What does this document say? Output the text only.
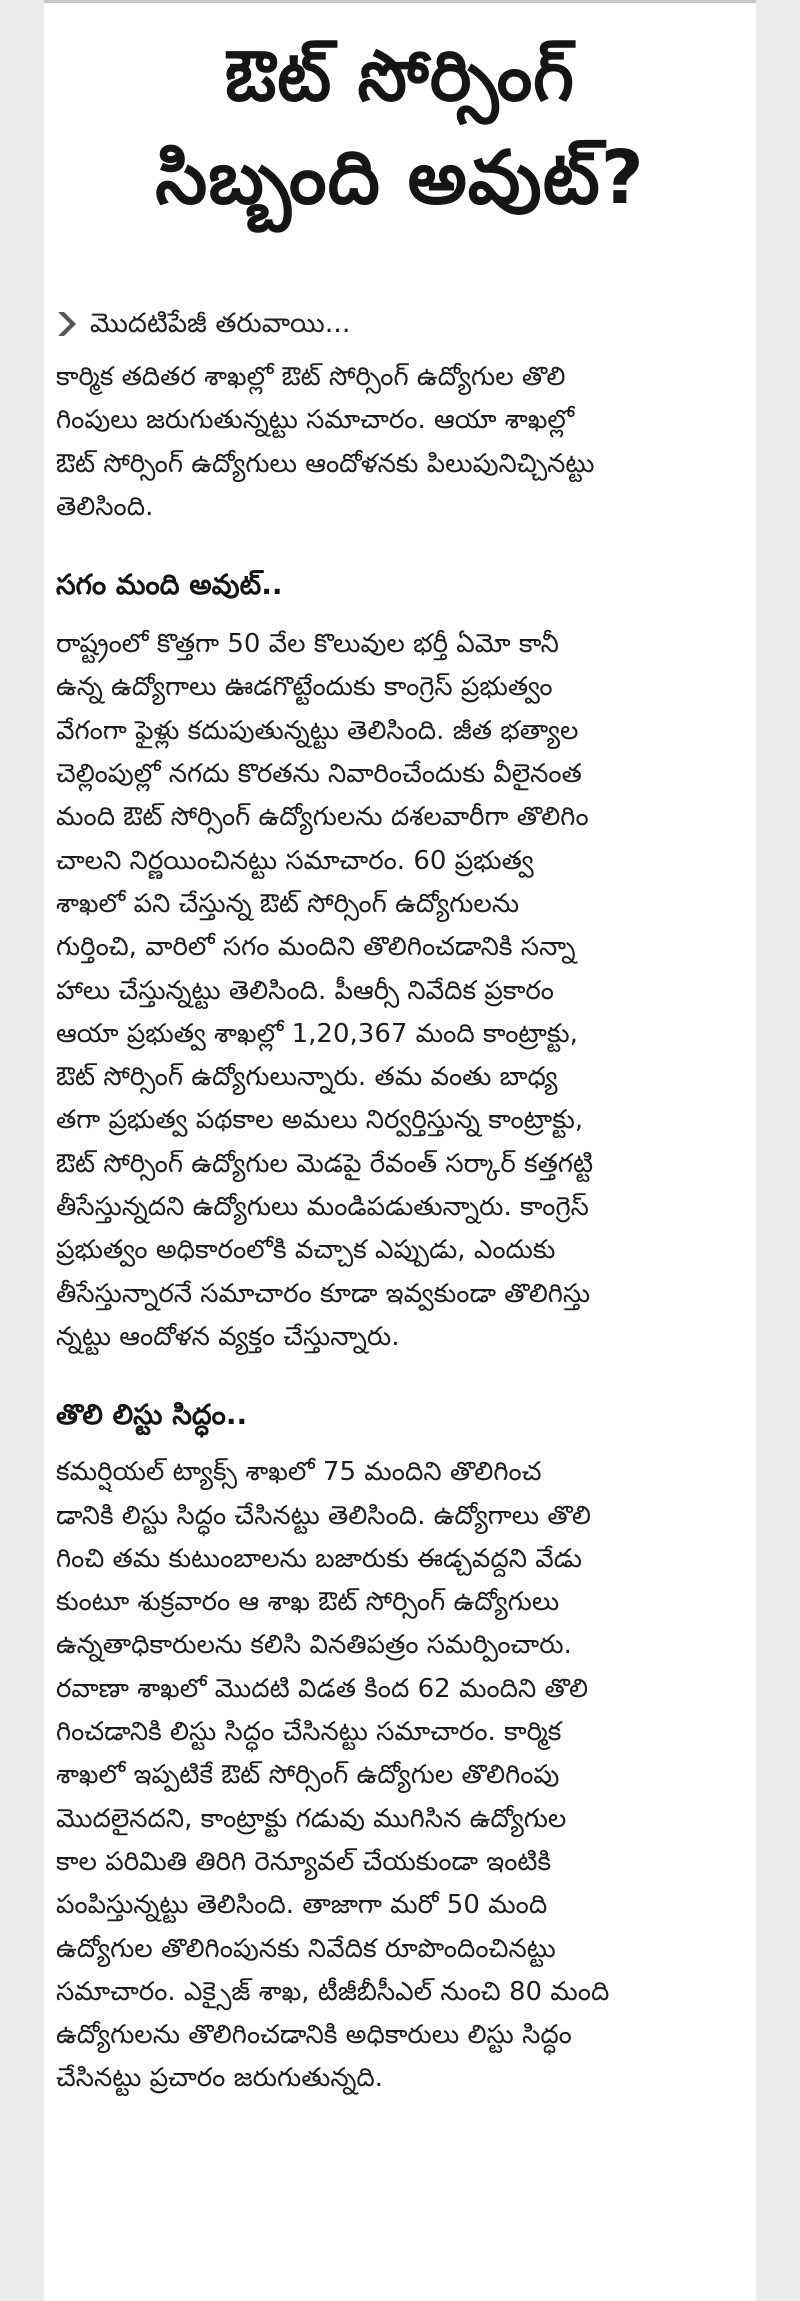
ఔట్ సోర్సింగ్
సిబ్బంది అవుట్?
మొదటిపేజీ తరువాయి...
కార్మిక తదితర శాఖల్లో ఔట్ సోర్సింగ్ ఉద్యోగుల తొలి
గింపులు జరుగుతున్నట్టు సమాచారం. ఆయా శాఖల్లో
ఔట్ సోర్సింగ్ ఉద్యోగులు ఆందోళనకు పిలుపునిచ్చినట్టు
తెలిసింది.
సగం మంది అవుట్..
రాష్ట్రంలో కొత్తగా 50 వేల కొలువుల భర్తీ ఏమో కానీ
ఉన్న ఉద్యోగాలు ఊడగొట్టేందుకు కాంగ్రెస్ ప్రభుత్వం
వేగంగా ఫైళ్లు కదుపుతున్నట్టు తెలిసింది. జీత భత్యాల
చెల్లింపుల్లో నగదు కొరతను నివారించేందుకు వీలైనంత
మంది ఔట్ సోర్సింగ్ ఉద్యోగులను దశలవారీగా తొలిగిం
చాలని నిర్ణయించినట్టు సమాచారం. 60 ప్రభుత్వ
శాఖలో పని చేస్తున్న ఔట్ సోర్సింగ్ ఉద్యోగులను
గుర్తించి, వారిలో సగం మందిని తొలిగించడానికి సన్నా
హాలు చేస్తున్నట్టు తెలిసింది. పీఆర్సీ నివేదిక ప్రకారం
ఆయా ప్రభుత్వ శాఖల్లో 1,20,367 మంది కాంట్రాక్టు,
ఔట్ సోర్సింగ్ ఉద్యోగులున్నారు. తమ వంతు బాధ్య
తగా ప్రభుత్వ పథకాల అమలు నిర్వర్తిస్తున్న కాంట్రాక్టు,
ఔట్ సోర్సింగ్ ఉద్యోగుల మెడపై రేవంత్ సర్కార్ కత్తగట్టి
తీసేస్తున్నదని ఉద్యోగులు మండిపడుతున్నారు. కాంగ్రెస్
ప్రభుత్వం అధికారంలోకి వచ్చాక ఎప్పుడు, ఎందుకు
తీసేస్తున్నారనే సమాచారం కూడా ఇవ్వకుండా తొలిగిస్తు
న్నట్టు ఆందోళన వ్యక్తం చేస్తున్నారు.
తొలి లిస్టు సిద్ధం..
కమర్షియల్ ట్యాక్స్ శాఖలో 75 మందిని తొలిగించ
డానికి లిస్టు సిద్ధం చేసినట్టు తెలిసింది. ఉద్యోగాలు తొలి
గించి తమ కుటుంబాలను బజారుకు ఈడ్చవద్దని వేడు
కుంటూ శుక్రవారం ఆ శాఖ ఔట్ సోర్సింగ్ ఉద్యోగులు
ఉన్నతాధికారులను కలిసి వినతిపత్రం సమర్పించారు.
రవాణా శాఖలో మొదటి విడత కింద 62 మందిని తొలి
గించడానికి లిస్టు సిద్ధం చేసినట్టు సమాచారం. కార్మిక
శాఖలో ఇప్పటికే ఔట్ సోర్సింగ్ ఉద్యోగుల తొలిగింపు
మొదలైనదని, కాంట్రాక్టు గడువు ముగిసిన ఉద్యోగుల
కాల పరిమితి తిరిగి రెన్యూవల్ చేయకుండా ఇంటికి
పంపిస్తున్నట్టు తెలిసింది. తాజాగా మరో 50 మంది
ఉద్యోగుల తొలిగింపునకు నివేదిక రూపొందించినట్టు
సమాచారం. ఎక్సైజ్ శాఖ, టీజీబీసీఎల్ నుంచి 80 మంది
ఉద్యోగులను తొలిగించడానికి అధికారులు లిస్టు సిద్ధం
చేసినట్టు ప్రచారం జరుగుతున్నది.
